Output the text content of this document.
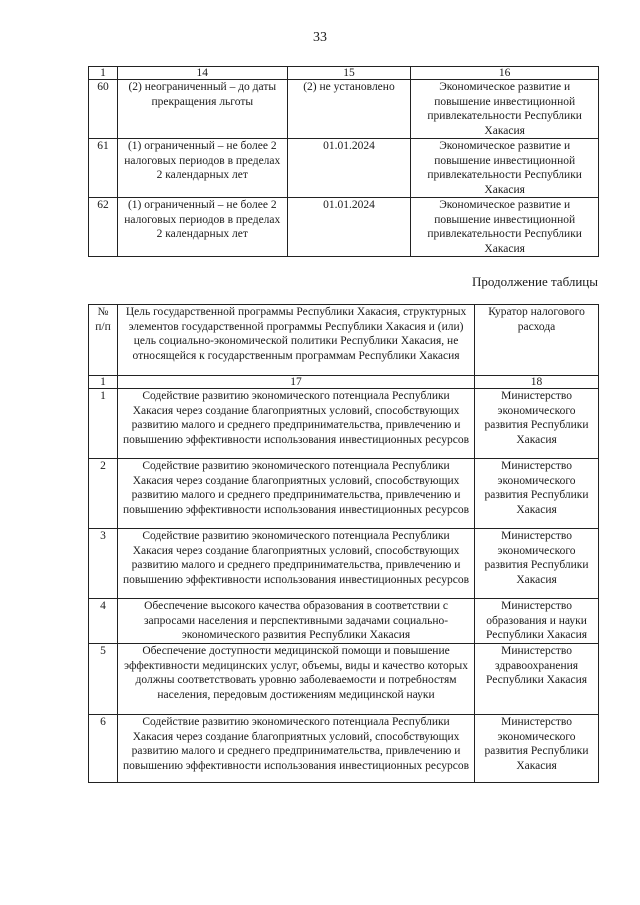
33
1	14	15	16
60	(2) неограниченный – до даты прекращения льготы	(2) не установлено	Экономическое развитие и повышение инвестиционной привлекательности Республики Хакасия
61	(1) ограниченный – не более 2 налоговых периодов в пределах 2 календарных лет	01.01.2024	Экономическое развитие и повышение инвестиционной привлекательности Республики Хакасия
62	(1) ограниченный – не более 2 налоговых периодов в пределах 2 календарных лет	01.01.2024	Экономическое развитие и повышение инвестиционной привлекательности Республики Хакасия
Продолжение таблицы
№ п/п	Цель государственной программы Республики Хакасия, структурных элементов государственной программы Республики Хакасия и (или) цель социально-экономической политики Республики Хакасия, не относящейся к государственным программам Республики Хакасия	Куратор налогового расхода
1	17	18
1	Содействие развитию экономического потенциала Республики Хакасия через создание благоприятных условий, способствующих развитию малого и среднего предпринимательства, привлечению и повышению эффективности использования инвестиционных ресурсов	Министерство экономического развития Республики Хакасия
2	Содействие развитию экономического потенциала Республики Хакасия через создание благоприятных условий, способствующих развитию малого и среднего предпринимательства, привлечению и повышению эффективности использования инвестиционных ресурсов	Министерство экономического развития Республики Хакасия
3	Содействие развитию экономического потенциала Республики Хакасия через создание благоприятных условий, способствующих развитию малого и среднего предпринимательства, привлечению и повышению эффективности использования инвестиционных ресурсов	Министерство экономического развития Республики Хакасия
4	Обеспечение высокого качества образования в соответствии с запросами населения и перспективными задачами социально-экономического развития Республики Хакасия	Министерство образования и науки Республики Хакасия
5	Обеспечение доступности медицинской помощи и повышение эффективности медицинских услуг, объемы, виды и качество которых должны соответствовать уровню заболеваемости и потребностям населения, передовым достижениям медицинской науки	Министерство здравоохранения Республики Хакасия
6	Содействие развитию экономического потенциала Республики Хакасия через создание благоприятных условий, способствующих развитию малого и среднего предпринимательства, привлечению и повышению эффективности использования инвестиционных ресурсов	Министерство экономического развития Республики Хакасия
